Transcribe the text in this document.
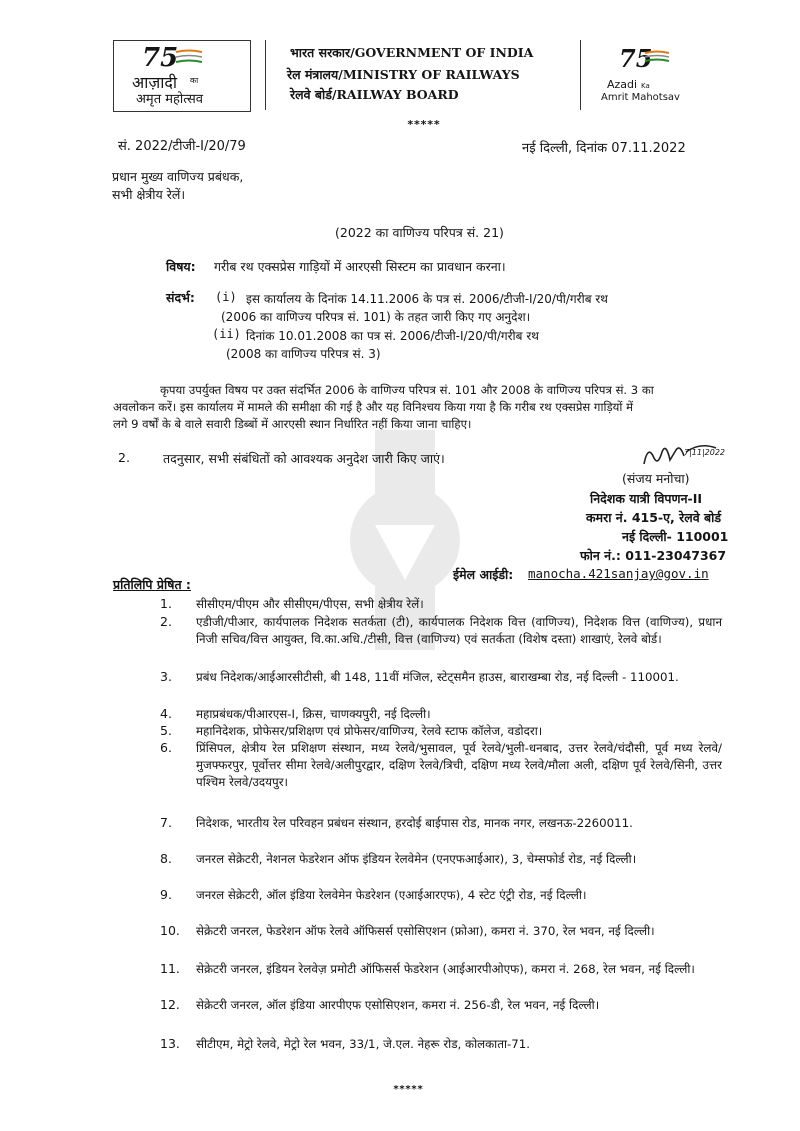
75
आज़ादी का
अमृत महोत्सव
भारत सरकार/GOVERNMENT OF INDIA
रेल मंत्रालय/MINISTRY OF RAILWAYS
रेलवे बोर्ड/RAILWAY BOARD
75
Azadi Ka
Amrit Mahotsav
*****
सं. 2022/टीजी-I/20/79	नई दिल्ली, दिनांक 07.11.2022
प्रधान मुख्य वाणिज्य प्रबंधक,
सभी क्षेत्रीय रेलें।
(2022 का वाणिज्य परिपत्र सं. 21)
विषय: गरीब रथ एक्सप्रेस गाड़ियों में आरएसी सिस्टम का प्रावधान करना।
संदर्भ: (i) इस कार्यालय के दिनांक 14.11.2006 के पत्र सं. 2006/टीजी-I/20/पी/गरीब रथ
(2006 का वाणिज्य परिपत्र सं. 101) के तहत जारी किए गए अनुदेश।
(ii) दिनांक 10.01.2008 का पत्र सं. 2006/टीजी-I/20/पी/गरीब रथ
(2008 का वाणिज्य परिपत्र सं. 3)
कृपया उपर्युक्त विषय पर उक्त संदर्भित 2006 के वाणिज्य परिपत्र सं. 101 और 2008 के वाणिज्य परिपत्र सं. 3 का
अवलोकन करें। इस कार्यालय में मामले की समीक्षा की गई है और यह विनिश्चय किया गया है कि गरीब रथ एक्सप्रेस गाड़ियों में
लगे 9 वर्षों के बे वाले सवारी डिब्बों में आरएसी स्थान निर्धारित नहीं किया जाना चाहिए।
2.	तदनुसार, सभी संबंधितों को आवश्यक अनुदेश जारी किए जाएं।	7|11|2022
(संजय मनोचा)
निदेशक यात्री विपणन-II
कमरा नं. 415-ए, रेलवे बोर्ड
नई दिल्ली- 110001
फोन नं.: 011-23047367
ईमेल आईडी: manocha.421sanjay@gov.in
प्रतिलिपि प्रेषित :
1. सीसीएम/पीएम और सीसीएम/पीएस, सभी क्षेत्रीय रेलें।
2. एडीजी/पीआर, कार्यपालक निदेशक सतर्कता (टी), कार्यपालक निदेशक वित्त (वाणिज्य), निदेशक वित्त (वाणिज्य), प्रधान निजी सचिव/वित्त आयुक्त, वि.का.अधि./टीसी, वित्त (वाणिज्य) एवं सतर्कता (विशेष दस्ता) शाखाएं, रेलवे बोर्ड।
3. प्रबंध निदेशक/आईआरसीटीसी, बी 148, 11वीं मंजिल, स्टेट्समैन हाउस, बाराखम्बा रोड, नई दिल्ली - 110001.
4. महाप्रबंधक/पीआरएस-I, क्रिस, चाणक्यपुरी, नई दिल्ली।
5. महानिदेशक, प्रोफेसर/प्रशिक्षण एवं प्रोफेसर/वाणिज्य, रेलवे स्टाफ कॉलेज, वडोदरा।
6. प्रिंसिपल, क्षेत्रीय रेल प्रशिक्षण संस्थान, मध्य रेलवे/भुसावल, पूर्व रेलवे/भुली-धनबाद, उत्तर रेलवे/चंदौसी, पूर्व मध्य रेलवे/मुजफ्फरपुर, पूर्वोत्तर सीमा रेलवे/अलीपुरद्वार, दक्षिण रेलवे/त्रिची, दक्षिण मध्य रेलवे/मौला अली, दक्षिण पूर्व रेलवे/सिनी, उत्तर पश्चिम रेलवे/उदयपुर।
7. निदेशक, भारतीय रेल परिवहन प्रबंधन संस्थान, हरदोई बाईपास रोड, मानक नगर, लखनऊ-2260011.
8. जनरल सेक्रेटरी, नेशनल फेडरेशन ऑफ इंडियन रेलवेमेन (एनएफआईआर), 3, चेम्सफोर्ड रोड, नई दिल्ली।
9. जनरल सेक्रेटरी, ऑल इंडिया रेलवेमेन फेडरेशन (एआईआरएफ), 4 स्टेट एंट्री रोड, नई दिल्ली।
10. सेक्रेटरी जनरल, फेडरेशन ऑफ रेलवे ऑफिसर्स एसोसिएशन (फ्रोआ), कमरा नं. 370, रेल भवन, नई दिल्ली।
11. सेक्रेटरी जनरल, इंडियन रेलवेज़ प्रमोटी ऑफिसर्स फेडरेशन (आईआरपीओएफ), कमरा नं. 268, रेल भवन, नई दिल्ली।
12. सेक्रेटरी जनरल, ऑल इंडिया आरपीएफ एसोसिएशन, कमरा नं. 256-डी, रेल भवन, नई दिल्ली।
13. सीटीएम, मेट्रो रेलवे, मेट्रो रेल भवन, 33/1, जे.एल. नेहरू रोड, कोलकाता-71.
*****
